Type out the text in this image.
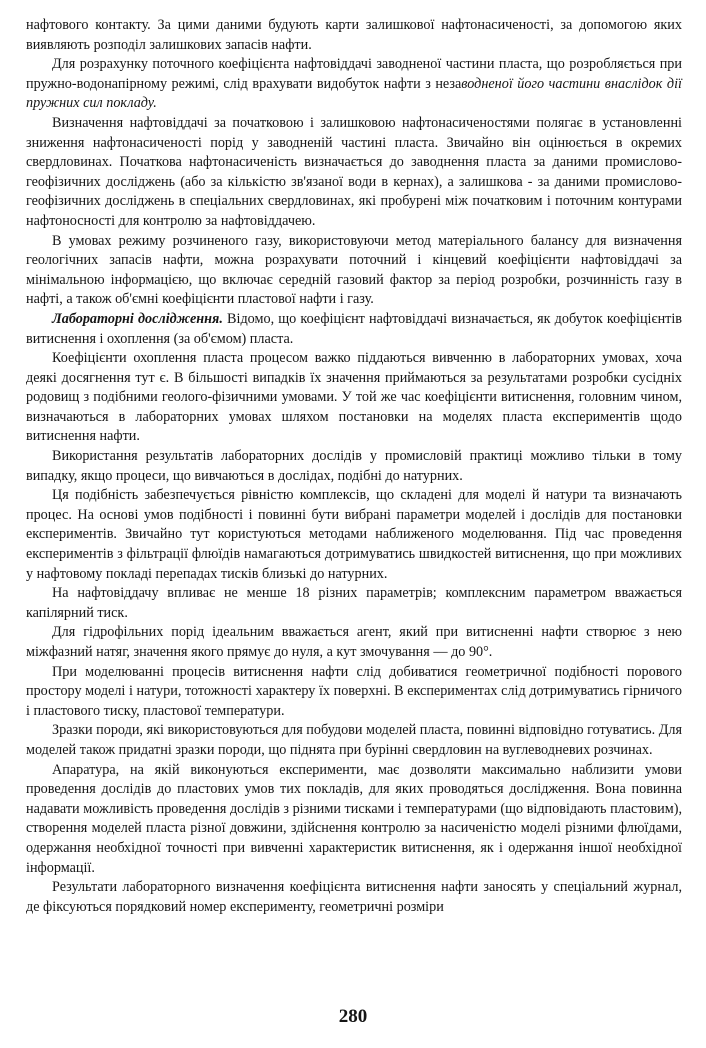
нафтового контакту. За цими даними будують карти залишкової нафтонасиченості, за допомогою яких виявляють розподіл залишкових запасів нафти.

Для розрахунку поточного коефіцієнта нафтовіддачі заводненої частини пласта, що розробляється при пружно-водонапірному режимі, слід врахувати видобуток нафти з незаводненої його частини внаслідок дії пружних сил покладу.

Визначення нафтовіддачі за початковою і залишковою нафтонасиченостями полягає в установленні зниження нафтонасиченості порід у заводненій частині пласта. Звичайно він оцінюється в окремих свердловинах. Початкова нафтонасиченість визначається до заводнення пласта за даними промислово-геофізичних досліджень (або за кількістю зв'язаної води в кернах), а залишкова - за даними промислово-геофізичних досліджень в спеціальних свердловинах, які пробурені між початковим і поточним контурами нафтоносності для контролю за нафтовіддачею.

В умовах режиму розчиненого газу, використовуючи метод матеріального балансу для визначення геологічних запасів нафти, можна розрахувати поточний і кінцевий коефіцієнти нафтовіддачі за мінімальною інформацією, що включає середній газовий фактор за період розробки, розчинність газу в нафті, а також об'ємні коефіцієнти пластової нафти і газу.

Лабораторні дослідження. Відомо, що коефіцієнт нафтовіддачі визначається, як добуток коефіцієнтів витиснення і охоплення (за об'ємом) пласта.

Коефіцієнти охоплення пласта процесом важко піддаються вивченню в лабораторних умовах, хоча деякі досягнення тут є. В більшості випадків їх значення приймаються за результатами розробки сусідніх родовищ з подібними геолого-фізичними умовами. У той же час коефіцієнти витиснення, головним чином, визначаються в лабораторних умовах шляхом постановки на моделях пласта експериментів щодо витиснення нафти.

Використання результатів лабораторних дослідів у промисловій практиці можливо тільки в тому випадку, якщо процеси, що вивчаються в дослідах, подібні до натурних.

Ця подібність забезпечується рівністю комплексів, що складені для моделі й натури та визначають процес. На основі умов подібності і повинні бути вибрані параметри моделей і дослідів для постановки експериментів. Звичайно тут користуються методами наближеного моделювання. Під час проведення експериментів з фільтрації флюїдів намагаються дотримуватись швидкостей витиснення, що при можливих у нафтовому покладі перепадах тисків близькі до натурних.

На нафтовіддачу впливає не менше 18 різних параметрів; комплексним параметром вважається капілярний тиск.

Для гідрофільних порід ідеальним вважається агент, який при витисненні нафти створює з нею міжфазний натяг, значення якого прямує до нуля, а кут змочування — до 90°.

При моделюванні процесів витиснення нафти слід добиватися геометричної подібності порового простору моделі і натури, тотожності характеру їх поверхні. В експериментах слід дотримуватись гірничого і пластового тиску, пластової температури.

Зразки породи, які використовуються для побудови моделей пласта, повинні відповідно готуватись. Для моделей також придатні зразки породи, що піднята при бурінні свердловин на вуглеводневих розчинах.

Апаратура, на якій виконуються експерименти, має дозволяти максимально наблизити умови проведення дослідів до пластових умов тих покладів, для яких проводяться дослідження. Вона повинна надавати можливість проведення дослідів з різними тисками і температурами (що відповідають пластовим), створення моделей пласта різної довжини, здійснення контролю за насиченістю моделі різними флюїдами, одержання необхідної точності при вивченні характеристик витиснення, як і одержання іншої необхідної інформації.

Результати лабораторного визначення коефіцієнта витиснення нафти заносять у спеціальний журнал, де фіксуються порядковий номер експерименту, геометричні розміри

280
